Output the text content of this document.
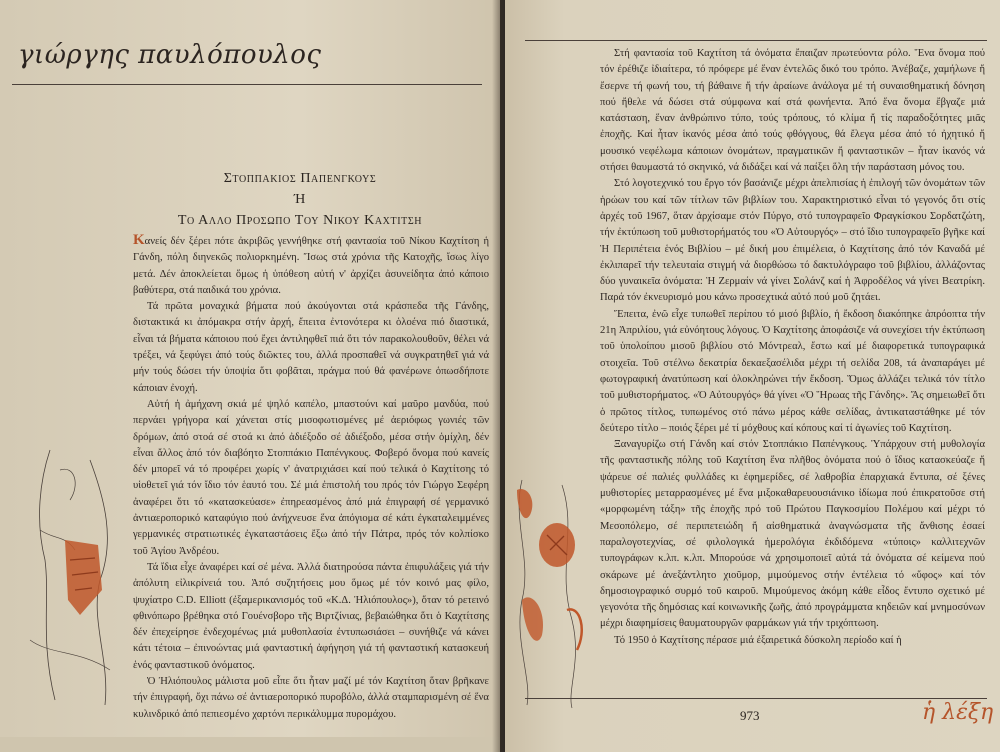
γιώργης παυλόπουλος
Στοππακιος Παπενγκους
Ή
Το Αλλο Προσωπο Του Νικου Καχτιτση

Κανείς δέν ξέρει πότε ἀκριβῶς γεννήθηκε στή φαντασία τοῦ Νίκου Καχτίτση ἡ Γάνδη, πόλη διηνεκῶς πολιορκημένη. Ἴσως στά χρόνια τῆς Κατοχῆς, ἴσως λίγο μετά. Δέν ἀποκλείεται ὅμως ἡ ὑπόθεση αὐτή ν' ἀρχίζει ἀσυνείδητα ἀπό κάποιο βαθύτερα, στά παιδικά του χρόνια.

Τά πρῶτα μοναχικά βήματα πού ἀκούγονται στά κράσπεδα τῆς Γάνδης, διστακτικά κι ἀπόμακρα στήν ἀρχή, ἔπειτα ἐντονότερα κι ὁλοένα πιό διαστικά, εἶναι τά βήματα κάποιου πού ἔχει ἀντιληφθεῖ πιά ὅτι τόν παρακολουθοῦν, θέλει νά τρέξει, νά ξεφύγει ἀπό τούς διῶκτες του, ἀλλά προσπαθεῖ νά συγκρατηθεῖ γιά νά μήν τούς δώσει τήν ὑποψία ὅτι φοβᾶται, πράγμα πού θά φανέρωνε ὁπωσδήποτε κάποιαν ἐνοχή.

Αὐτή ἡ ἀμήχανη σκιά μέ ψηλό καπέλο, μπαστούνι καί μαῦρο μανδύα, πού περνάει γρήγορα καί χάνεται στίς μισοφωτισμένες μέ ἀεριόφως γωνιές τῶν δρόμων, ἀπό στοά σέ στοά κι ἀπό ἀδιέξοδο σέ ἀδιέξοδο, μέσα στήν ὁμίχλη, δέν εἶναι ἄλλος ἀπό τόν διαβόητο Στοππάκιο Παπένγκους. Φοβερό ὄνομα πού κανείς δέν μπορεῖ νά τό προφέρει χωρίς ν' ἀνατριχιάσει καί πού τελικά ὁ Καχτίτσης τό υἱοθετεῖ γιά τόν ἴδιο τόν ἑαυτό του. Σέ μιά ἐπιστολή του πρός τόν Γιώργο Σεφέρη ἀναφέρει ὅτι τό «κατασκεύασε» ἐπηρεασμένος ἀπό μιά ἐπιγραφή σέ γερμανικό ἀντιαεροπορικό καταφύγιο πού ἀνήχνευσε ἕνα ἀπόγιομα σέ κάτι ἐγκαταλειμμένες γερμανικές στρατιωτικές ἐγκαταστάσεις ἔξω ἀπό τήν Πάτρα, πρός τόν κολπίσκο τοῦ Ἁγίου Ἀνδρέου.

Τά ἴδια εἶχε ἀναφέρει καί σέ μένα. Ἀλλά διατηρούσα πάντα ἐπιφυλάξεις γιά τήν ἀπόλυτη εἰλικρίνειά του. Ἀπό συζητήσεις μου ὅμως μέ τόν κοινό μας φίλο, ψυχίατρο C.D. Elliott (ἐξαμερικανισμός τοῦ «Κ.Δ. Ἠλιόπουλος»), ὅταν τό ρετεινό φθινόπωρο βρέθηκα στό Γουένσβορο τῆς Βιρτζίνιας, βεβαιώθηκα ὅτι ὁ Καχτίτσης δέν ἐπεχείρησε ἐνδεχομένως μιά μυθοπλασία ἐντυπωσιάσει – συνήθιζε νά κάνει κάτι τέτοια – ἐπινοώντας μιά φανταστική ἀφήγηση γιά τή φανταστική κατασκευή ἑνός φανταστικοῦ ὀνόματος.

Ὁ Ἠλιόπουλος μάλιστα μοῦ εἶπε ὅτι ἦταν μαζί μέ τόν Καχτίτση ὅταν βρῆκανε τήν ἐπιγραφή, ὄχι πάνω σέ ἀντιαεροπορικό πυροβόλο, ἀλλά σταμπαρισμένη σέ ἕνα κυλινδρικό ἀπό πεπιεσμένο χαρτόνι περικάλυμμα πυρομάχου.

Στή φαντασία τοῦ Καχτίτση τά ὀνόματα ἔπαιζαν πρωτεύοντα ρόλο. Ἕνα ὄνομα πού τόν ἐρέθιζε ἰδιαίτερα, τό πρόφερε μέ ἕναν ἐντελῶς δικό του τρόπο. Ἀνέβαζε, χαμήλωνε ἤ ἔσερνε τή φωνή του, τή βάθαινε ἤ τήν ἀραίωνε ἀνάλογα μέ τή συναισθηματική δόνηση πού ἤθελε νά δώσει στά σύμφωνα καί στά φωνήεντα. Ἀπό ἕνα ὄνομα ἔβγαζε μιά κατάσταση, ἕναν ἀνθρώπινο τύπο, τούς τρόπους, τό κλίμα ἤ τίς παραδοξότητες μιᾶς ἐποχῆς. Καί ἦταν ἱκανός μέσα ἀπό τούς φθόγγους, θά ἔλεγα μέσα ἀπό τό ἠχητικό ἤ μουσικό νεφέλωμα κάποιων ὀνομάτων, πραγματικῶν ἤ φανταστικῶν – ἦταν ἱκανός νά στήσει θαυμαστά τό σκηνικό, νά διδάξει καί νά παίξει ὅλη τήν παράσταση μόνος του.

Στό λογοτεχνικό του ἔργο τόν βασάνιζε μέχρι ἀπελπισίας ἡ ἐπιλογή τῶν ὀνομάτων τῶν ἡρώων του καί τῶν τίτλων τῶν βιβλίων του. Χαρακτηριστικό εἶναι τό γεγονός ὅτι στίς ἀρχές τοῦ 1967, ὅταν ἀρχίσαμε στόν Πύργο, στό τυπογραφεῖο Φραγκίσκου Σορδατζώτη, τήν ἐκτύπωση τοῦ μυθιστορήματός του «Ὁ Αὐτουργός» – στό ἴδιο τυπογραφεῖο βγῆκε καί Ἡ Περιπέτεια ἑνός Βιβλίου – μέ δική μου ἐπιμέλεια, ὁ Καχτίτσης ἀπό τόν Καναδά μέ ἐκλιπαρεῖ τήν τελευταία στιγμή νά διορθώσω τό δακτυλόγραφο τοῦ βιβλίου, ἀλλάζοντας δύο γυναικεῖα ὀνόματα: Ἡ Ζερμαίν νά γίνει Σολάνζ καί ἡ Ἀφροδέλος νά γίνει Βεατρίκη. Παρά τόν ἐκνευρισμό μου κάνω προσεχτικά αὐτό πού μοῦ ζητάει.

Ἔπειτα, ἐνῶ εἶχε τυπωθεῖ περίπου τό μισό βιβλίο, ἡ ἔκδοση διακόπηκε ἀπρόοπτα τήν 21η Ἀπριλίου, γιά εὐνόητους λόγους. Ὁ Καχτίτσης ἀποφάσιζε νά συνεχίσει τήν ἐκτύπωση τοῦ ὑπολοίπου μισοῦ βιβλίου στό Μόντρεαλ, ἔστω καί μέ διαφορετικά τυπογραφικά στοιχεῖα. Τοῦ στέλνω δεκατρία δεκαεξασέλιδα μέχρι τή σελίδα 208, τά ἀναπαράγει μέ φωτογραφική ἀνατύπωση καί ὁλοκληρώνει τήν ἔκδοση. Ὅμως ἀλλάζει τελικά τόν τίτλο τοῦ μυθιστορήματος. «Ὁ Αὐτουργός» θά γίνει «Ὁ Ἥρωας τῆς Γάνδης». Ἄς σημειωθεῖ ὅτι ὁ πρῶτος τίτλος, τυπωμένος στό πάνω μέρος κάθε σελίδας, ἀντικαταστάθηκε μέ τόν δεύτερο τίτλο – ποιός ξέρει μέ τί μόχθους καί κόπους καί τί ἀγωνίες τοῦ Καχτίτση.

Ξαναγυρίζω στή Γάνδη καί στόν Στοππάκιο Παπένγκους. Ὑπάρχουν στή μυθολογία τῆς φανταστικῆς πόλης τοῦ Καχτίτση ἕνα πλῆθος ὀνόματα πού ὁ ἴδιος κατασκεύαζε ἤ ψάρευε σέ παλιές φυλλάδες κι ἐφημερίδες, σέ λαθροβία ἐπαρχιακά ἔντυπα, σέ ξένες μυθιστορίες μεταρρασμένες μέ ἕνα μιξοκαθαρευουσιάνικο ἰδίωμα πού ἐπικρατοῦσε στή «μορφωμένη τάξη» τῆς ἐποχῆς πρό τοῦ Πρώτου Παγκοσμίου Πολέμου καί μέχρι τό Μεσοπόλεμο, σέ περιπετειώδη ἤ αἰσθηματικά ἀναγνώσματα τῆς ἄνθισης ἐσαεί παραλογοτεχνίας, σέ φιλολογικά ἡμερολόγια ἐκδιδόμενα «τύποις» καλλιτεχνῶν τυπογράφων κ.λπ. κ.λπ. Μπορούσε νά χρησιμοποιεῖ αὐτά τά ὀνόματα σέ κείμενα πού σκάρωνε μέ ἀνεξάντλητο χιοῦμορ, μιμούμενος στήν ἐντέλεια τό «ὕφος» καί τόν δημοσιογραφικό συρμό τοῦ καιροῦ. Μιμούμενος ἀκόμη κάθε εἶδος ἔντυπο σχετικό μέ γεγονότα τῆς δημόσιας καί κοινωνικῆς ζωῆς, ἀπό προγράμματα κηδειῶν καί μνημοσύνων μέχρι διαφημίσεις θαυματουργῶν φαρμάκων γιά τήν τριχόπτωση.

Τό 1950 ὁ Καχτίτσης πέρασε μιά ἐξαιρετικά δύσκολη περίοδο καί ἡ

973	ἡ λέξη
